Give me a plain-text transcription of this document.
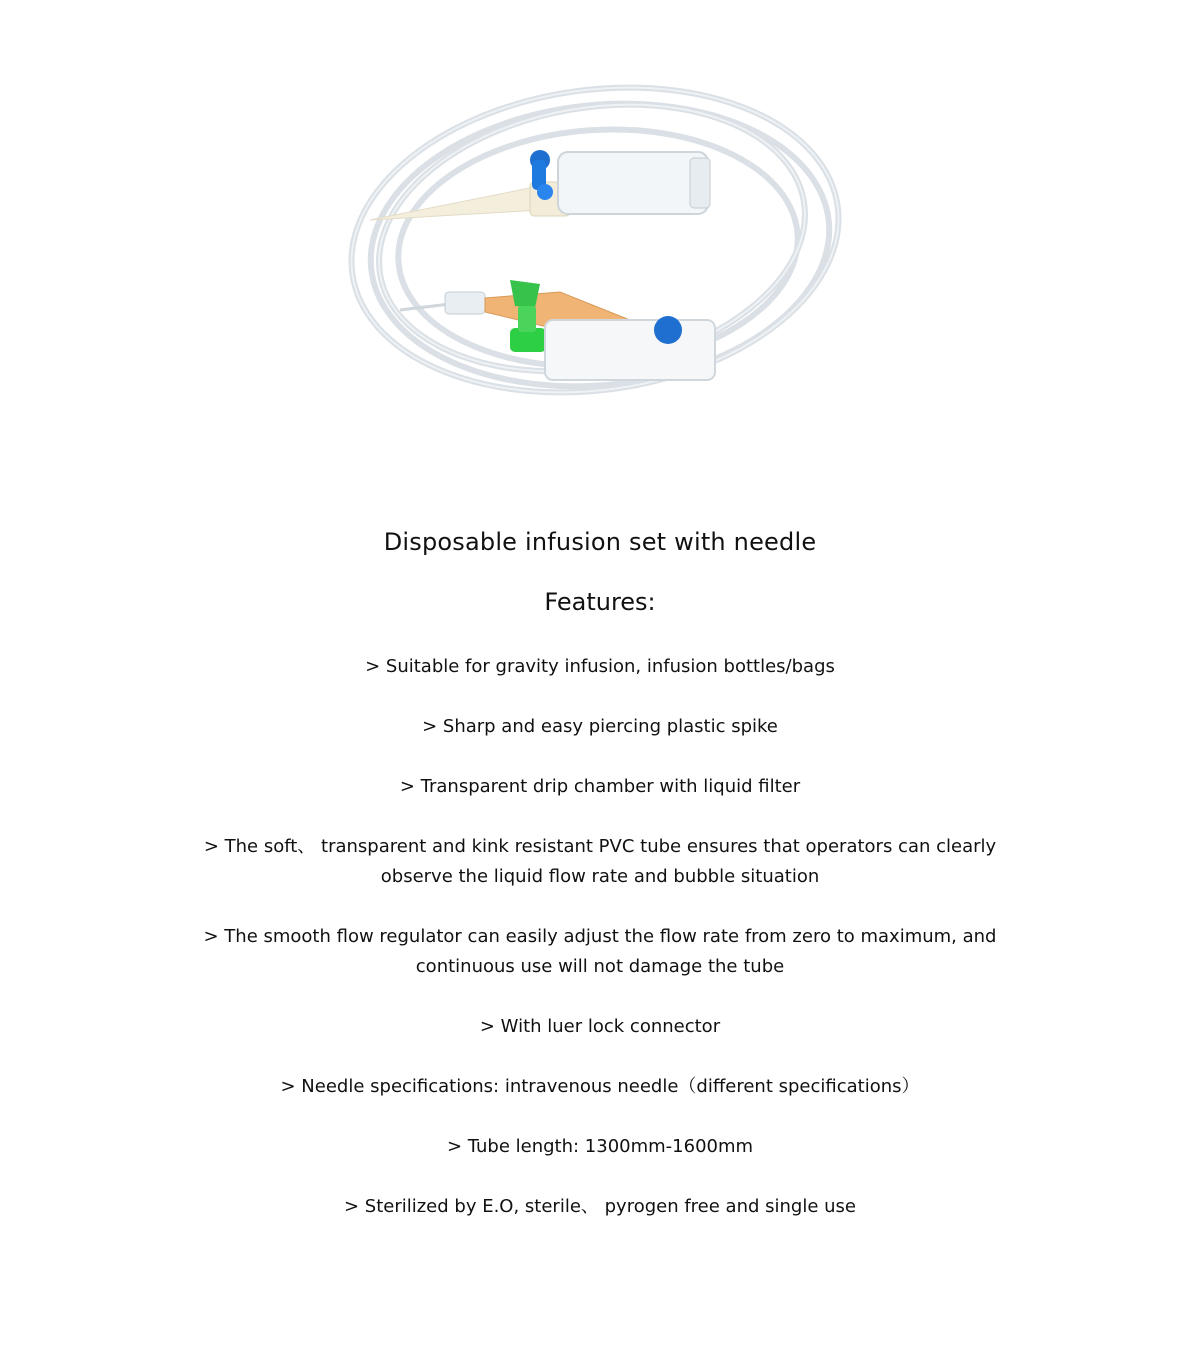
Disposable infusion set with needle
Features:
> Suitable for gravity infusion, infusion bottles/bags
> Sharp and easy piercing plastic spike
> Transparent drip chamber with liquid filter
> The soft、 transparent and kink resistant PVC tube ensures that operators can clearly observe the liquid flow rate and bubble situation
> The smooth flow regulator can easily adjust the flow rate from zero to maximum, and continuous use will not damage the tube
> With luer lock connector
> Needle specifications: intravenous needle（different specifications）
> Tube length: 1300mm-1600mm
> Sterilized by E.O, sterile、 pyrogen free and single use
